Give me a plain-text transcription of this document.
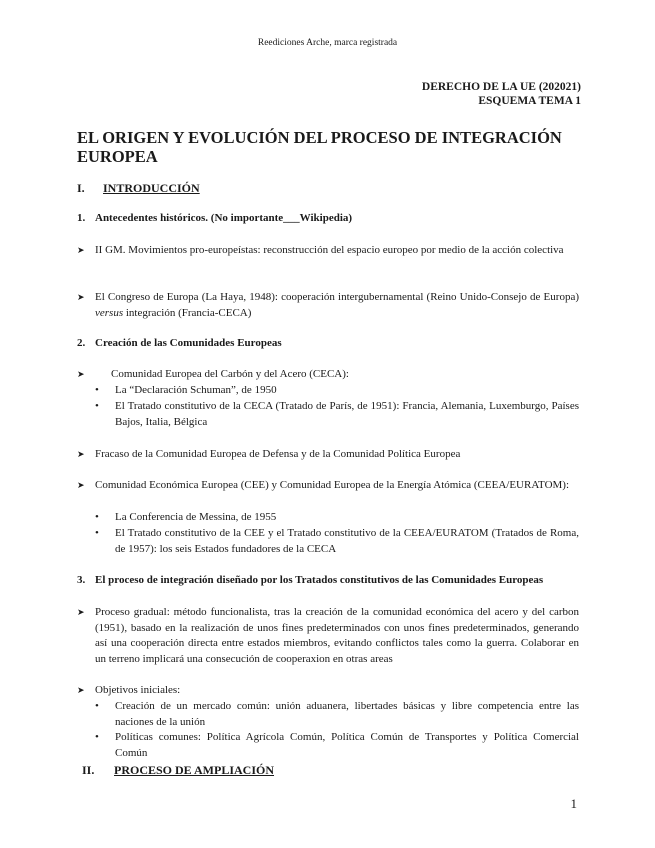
Reediciones Arche, marca registrada
DERECHO DE LA UE (202021)
ESQUEMA TEMA 1
EL ORIGEN Y EVOLUCIÓN DEL PROCESO DE INTEGRACIÓN EUROPEA
I. INTRODUCCIÓN
1. Antecedentes históricos. (No importante___Wikipedia)
➤ II GM. Movimientos pro-europeístas: reconstrucción del espacio europeo por medio de la acción colectiva
➤ El Congreso de Europa (La Haya, 1948): cooperación intergubernamental (Reino Unido-Consejo de Europa) versus integración (Francia-CECA)
2. Creación de las Comunidades Europeas
➤ Comunidad Europea del Carbón y del Acero (CECA):
• La “Declaración Schuman”, de 1950
• El Tratado constitutivo de la CECA (Tratado de París, de 1951): Francia, Alemania, Luxemburgo, Países Bajos, Italia, Bélgica
➤ Fracaso de la Comunidad Europea de Defensa y de la Comunidad Política Europea
➤ Comunidad Económica Europea (CEE) y Comunidad Europea de la Energía Atómica (CEEA/EURATOM):
• La Conferencia de Messina, de 1955
• El Tratado constitutivo de la CEE y el Tratado constitutivo de la CEEA/EURATOM (Tratados de Roma, de 1957): los seis Estados fundadores de la CECA
3. El proceso de integración diseñado por los Tratados constitutivos de las Comunidades Europeas
➤ Proceso gradual: método funcionalista, tras la creación de la comunidad económica del acero y del carbon (1951), basado en la realización de unos fines predeterminados con unos fines predeterminados, generando así una cooperación directa entre estados miembros, evitando conflictos tales como la guerra. Colaborar en un terreno implicará una consecución de cooperaxion en otras areas
➤ Objetivos iniciales:
• Creación de un mercado común: unión aduanera, libertades básicas y libre competencia entre las naciones de la unión
• Políticas comunes: Política Agrícola Común, Política Común de Transportes y Política Comercial Común
II. PROCESO DE AMPLIACIÓN
1
